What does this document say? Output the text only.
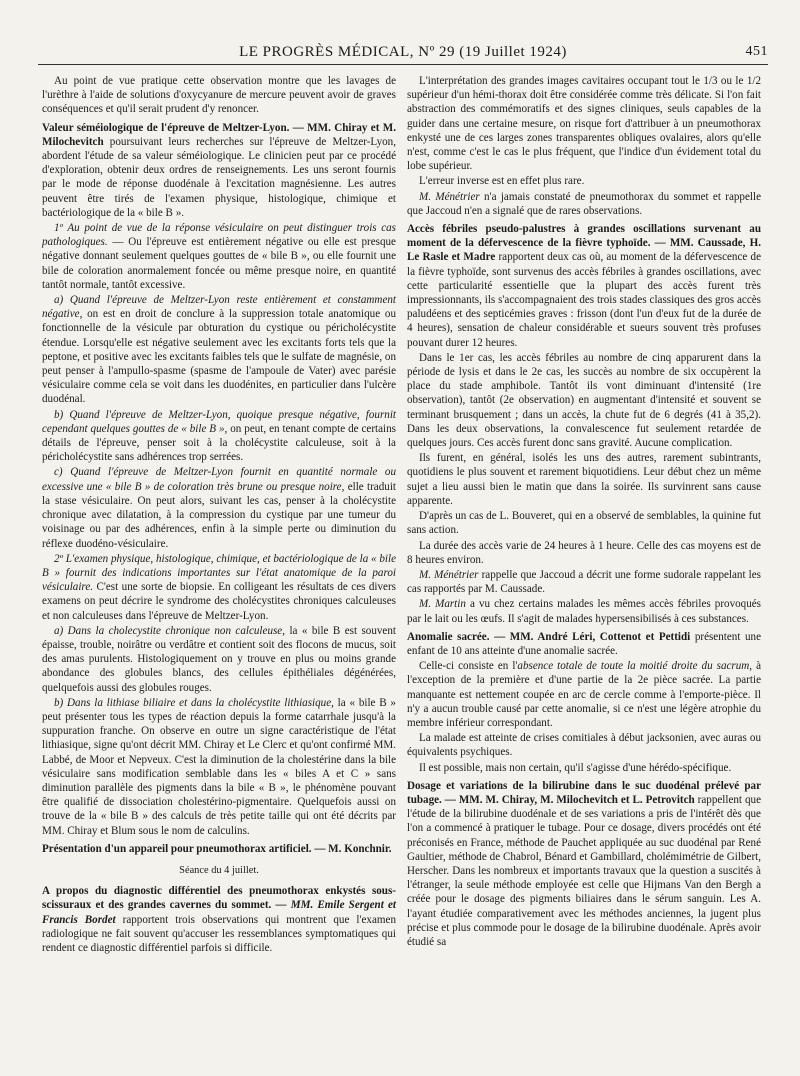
LE PROGRÈS MÉDICAL, Nº 29 (19 Juillet 1924)	451

Au point de vue pratique cette observation montre que les lavages de l'urèthre à l'aide de solutions d'oxycyanure de mercure peuvent avoir de graves conséquences et qu'il serait prudent d'y renoncer.

Valeur séméiologique de l'épreuve de Meltzer-Lyon. — MM. Chiray et M. Milochevitch poursuivant leurs recherches sur l'épreuve de Meltzer-Lyon, abordent l'étude de sa valeur séméiologique. Le clinicien peut par ce procédé d'exploration, obtenir deux ordres de renseignements. Les uns seront fournis par le mode de réponse duodénale à l'excitation magnésienne. Les autres peuvent être tirés de l'examen physique, histologique, chimique et bactériologique de la « bile B ».

1º Au point de vue de la réponse vésiculaire on peut distinguer trois cas pathologiques. — Ou l'épreuve est entièrement négative ou elle est presque négative donnant seulement quelques gouttes de « bile B », ou elle fournit une bile de coloration anormalement foncée ou même presque noire, en quantité tantôt normale, tantôt excessive.

a) Quand l'épreuve de Meltzer-Lyon reste entièrement et constamment négative, on est en droit de conclure à la suppression totale anatomique ou fonctionnelle de la vésicule par obturation du cystique ou péricholécystite étendue. Lorsqu'elle est négative seulement avec les excitants forts tels que la peptone, et positive avec les excitants faibles tels que le sulfate de magnésie, on peut penser à l'ampullo-spasme (spasme de l'ampoule de Vater) avec parésie vésiculaire comme cela se voit dans les duodénites, en particulier dans l'ulcère duodénal.

b) Quand l'épreuve de Meltzer-Lyon, quoique presque négative, fournit cependant quelques gouttes de « bile B », on peut, en tenant compte de certains détails de l'épreuve, penser soit à la cholécystite calculeuse, soit à la péricholécystite sans adhérences trop serrées.

c) Quand l'épreuve de Meltzer-Lyon fournit en quantité normale ou excessive une « bile B » de coloration très brune ou presque noire, elle traduit la stase vésiculaire. On peut alors, suivant les cas, penser à la cholécystite chronique avec dilatation, à la compression du cystique par une tumeur du voisinage ou par des adhérences, enfin à la simple perte ou diminution du réflexe duodéno-vésiculaire.

2º L'examen physique, histologique, chimique, et bactériologique de la « bile B » fournit des indications importantes sur l'état anatomique de la paroi vésiculaire. C'est une sorte de biopsie. En colligeant les résultats de ces divers examens on peut décrire le syndrome des cholécystites chroniques calculeuses et non calculeuses dans l'épreuve de Meltzer-Lyon.

a) Dans la cholecystite chronique non calculeuse, la « bile B est souvent épaisse, trouble, noirâtre ou verdâtre et contient soit des flocons de mucus, soit des amas purulents. Histologiquement on y trouve en plus ou moins grande abondance des globules blancs, des cellules épithéliales dégénérées, quelquefois aussi des globules rouges.

b) Dans la lithiase biliaire et dans la cholécystite lithiasique, la « bile B » peut présenter tous les types de réaction depuis la forme catarrhale jusqu'à la suppuration franche. On observe en outre un signe caractéristique de l'état lithiasique, signe qu'ont décrit MM. Chiray et Le Clerc et qu'ont confirmé MM. Labbé, de Moor et Nepveux. C'est la diminution de la cholestérine dans la bile vésiculaire sans modification semblable dans les « biles A et C » sans diminution parallèle des pigments dans la bile « B », le phénomène pouvant être qualifié de dissociation cholestérino-pigmentaire. Quelquefois aussi on trouve de la « bile B » des calculs de très petite taille qui ont été décrits par MM. Chiray et Blum sous le nom de calculins.

Présentation d'un appareil pour pneumothorax artificiel. — M. Konchnir.

Séance du 4 juillet.

A propos du diagnostic différentiel des pneumothorax enkystés sous-scissuraux et des grandes cavernes du sommet. — MM. Emile Sergent et Francis Bordet rapportent trois observations qui montrent que l'examen radiologique ne fait souvent qu'accuser les ressemblances symptomatiques qui rendent ce diagnostic différentiel parfois si difficile.

L'interprétation des grandes images cavitaires occupant tout le 1/3 ou le 1/2 supérieur d'un hémi-thorax doit être considérée comme très délicate. Si l'on fait abstraction des commémoratifs et des signes cliniques, seuls capables de la guider dans une certaine mesure, on risque fort d'attribuer à un pneumothorax enkysté une de ces larges zones transparentes obliques ovalaires, alors qu'elle n'est, comme c'est le cas le plus fréquent, que l'indice d'un évidement total du lobe supérieur.

L'erreur inverse est en effet plus rare.

M. Ménétrier n'a jamais constaté de pneumothorax du sommet et rappelle que Jaccoud n'en a signalé que de rares observations.

Accès fébriles pseudo-palustres à grandes oscillations survenant au moment de la défervescence de la fièvre typhoïde. — MM. Caussade, H. Le Rasle et Madre rapportent deux cas où, au moment de la défervescence de la fièvre typhoïde, sont survenus des accès fébriles à grandes oscillations, avec cette particularité essentielle que la plupart des accès furent très impressionnants, ils s'accompagnaient des trois stades classiques des gros accès paludéens et des septicémies graves : frisson (dont l'un d'eux fut de la durée de 4 heures), sensation de chaleur considérable et sueurs souvent très profuses pouvant durer 12 heures.

Dans le 1er cas, les accès fébriles au nombre de cinq apparurent dans la période de lysis et dans le 2e cas, les succès au nombre de six occupèrent la place du stade amphibole. Tantôt ils vont diminuant d'intensité (1re observation), tantôt (2e observation) en augmentant d'intensité et souvent se terminant brusquement ; dans un accès, la chute fut de 6 degrés (41 à 35,2). Dans les deux observations, la convalescence fut seulement retardée de quelques jours. Ces accès furent donc sans gravité. Aucune complication.

Ils furent, en général, isolés les uns des autres, rarement subintrants, quotidiens le plus souvent et rarement biquotidiens. Leur début chez un même sujet a lieu aussi bien le matin que dans la soirée. Ils survinrent sans cause apparente.

D'après un cas de L. Bouveret, qui en a observé de semblables, la quinine fut sans action.

La durée des accès varie de 24 heures à 1 heure. Celle des cas moyens est de 8 heures environ.

M. Ménétrier rappelle que Jaccoud a décrit une forme sudorale rappelant les cas rapportés par M. Caussade.

M. Martin a vu chez certains malades les mêmes accès fébriles provoqués par le lait ou les œufs. Il s'agit de malades hypersensibilisés à ces substances.

Anomalie sacrée. — MM. André Léri, Cottenot et Pettidi présentent une enfant de 10 ans atteinte d'une anomalie sacrée.

Celle-ci consiste en l'absence totale de toute la moitié droite du sacrum, à l'exception de la première et d'une partie de la 2e pièce sacrée. La partie manquante est nettement coupée en arc de cercle comme à l'emporte-pièce. Il n'y a aucun trouble causé par cette anomalie, si ce n'est une légère atrophie du membre inférieur correspondant.

La malade est atteinte de crises comitiales à début jacksonien, avec auras ou équivalents psychiques.

Il est possible, mais non certain, qu'il s'agisse d'une hérédo-spécifique.

Dosage et variations de la bilirubine dans le suc duodénal prélevé par tubage. — MM. M. Chiray, M. Milochevitch et L. Petrovitch rappellent que l'étude de la bilirubine duodénale et de ses variations a pris de l'intérêt dès que l'on a commencé à pratiquer le tubage. Pour ce dosage, divers procédés ont été préconisés en France, méthode de Pauchet appliquée au suc duodénal par René Gaultier, méthode de Chabrol, Bénard et Gambillard, cholémimétrie de Gilbert, Herscher. Dans les nombreux et importants travaux que la question a suscités à l'étranger, la seule méthode employée est celle que Hijmans Van den Bergh a créée pour le dosage des pigments biliaires dans le sérum sanguin. Les A. l'ayant étudiée comparativement avec les méthodes anciennes, la jugent plus précise et plus commode pour le dosage de la bilirubine duodénale. Après avoir étudié sa
